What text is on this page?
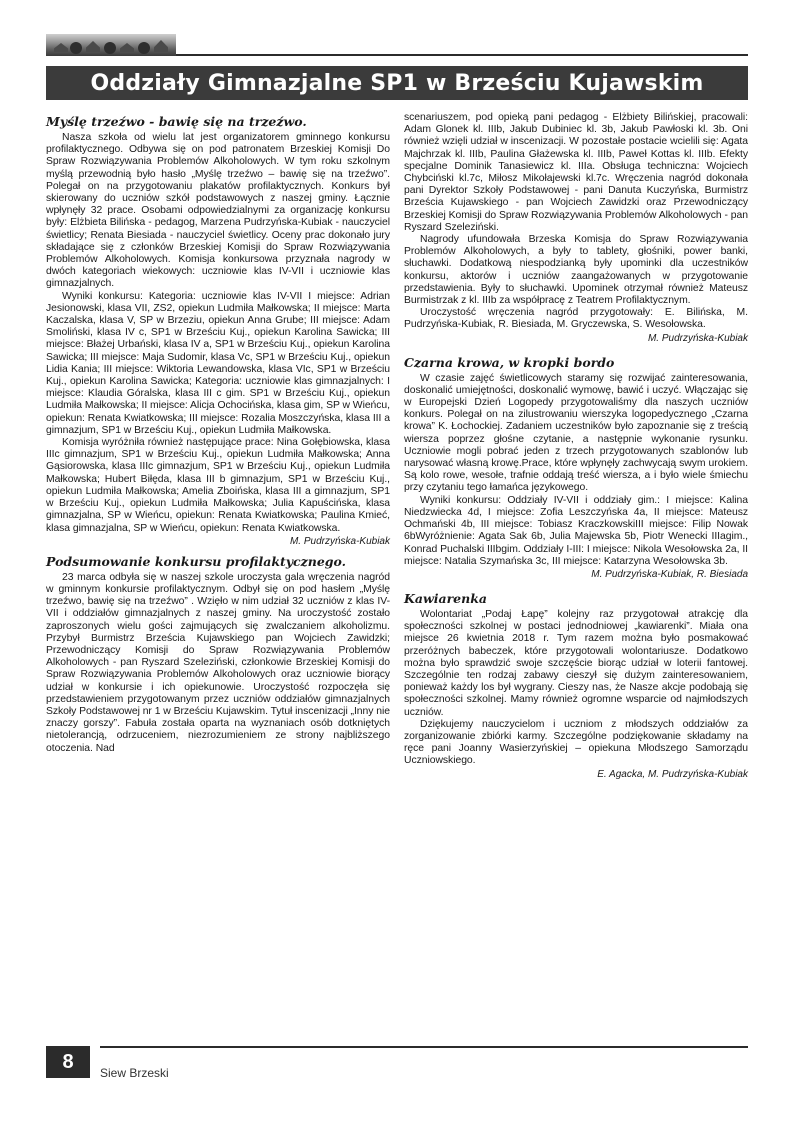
Oddziały Gimnazjalne SP1 w Brześciu Kujawskim
Myślę trzeźwo - bawię się na trzeźwo.

Nasza szkoła od wielu lat jest organizatorem gminnego konkursu profilaktycznego. Odbywa się on pod patronatem Brzeskiej Komisji Do Spraw Rozwiązywania Problemów Alkoholowych. W tym roku szkolnym myślą przewodnią było hasło „Myślę trzeźwo – bawię się na trzeźwo”. Polegał on na przygotowaniu plakatów profilaktycznych. Konkurs był skierowany do uczniów szkół podstawowych z naszej gminy. Łącznie wpłynęły 32 prace. Osobami odpowiedzialnymi za organizację konkursu były: Elżbieta Bilińska - pedagog, Marzena Pudrzyńska-Kubiak - nauczyciel świetlicy; Renata Biesiada - nauczyciel świetlicy. Oceny prac dokonało jury składające się z członków Brzeskiej Komisji do Spraw Rozwiązywania Problemów Alkoholowych. Komisja konkursowa przyznała nagrody w dwóch kategoriach wiekowych: uczniowie klas IV-VII i uczniowie klas gimnazjalnych.

Wyniki konkursu: Kategoria: uczniowie klas IV-VII I miejsce: Adrian Jesionowski, klasa VII, ZS2, opiekun Ludmiła Małkowska; II miejsce: Marta Kaczalska, klasa V, SP w Brzeziu, opiekun Anna Grube; III miejsce: Adam Smoliński, klasa IV c, SP1 w Brześciu Kuj., opiekun Karolina Sawicka; III miejsce: Błażej Urbański, klasa IV a, SP1 w Brześciu Kuj., opiekun Karolina Sawicka; III miejsce: Maja Sudomir, klasa Vc, SP1 w Brześciu Kuj., opiekun Lidia Kania; III miejsce: Wiktoria Lewandowska, klasa VIc, SP1 w Brześciu Kuj., opiekun Karolina Sawicka; Kategoria: uczniowie klas gimnazjalnych: I miejsce: Klaudia Góralska, klasa III c gim. SP1 w Brześciu Kuj., opiekun Ludmiła Małkowska; II miejsce: Alicja Ochocińska, klasa gim, SP w Wieńcu, opiekun: Renata Kwiatkowska; III miejsce: Rozalia Moszczyńska, klasa III a gimnazjum, SP1 w Brześciu Kuj., opiekun Ludmiła Małkowska.

Komisja wyróżniła również następujące prace: Nina Gołębiowska, klasa IIIc gimnazjum, SP1 w Brześciu Kuj., opiekun Ludmiła Małkowska; Anna Gąsiorowska, klasa IIIc gimnazjum, SP1 w Brześciu Kuj., opiekun Ludmiła Małkowska; Hubert Biłęda, klasa III b gimnazjum, SP1 w Brześciu Kuj., opiekun Ludmiła Małkowska; Amelia Zboińska, klasa III a gimnazjum, SP1 w Brześciu Kuj., opiekun Ludmiła Małkowska; Julia Kapuścińska, klasa gimnazjalna, SP w Wieńcu, opiekun: Renata Kwiatkowska; Paulina Kmieć, klasa gimnazjalna, SP w Wieńcu, opiekun: Renata Kwiatkowska.

M. Pudrzyńska-Kubiak
Podsumowanie konkursu profilaktycznego.

23 marca odbyła się w naszej szkole uroczysta gala wręczenia nagród w gminnym konkursie profilaktycznym. Odbył się on pod hasłem „Myślę trzeźwo, bawię się na trzeźwo” . Wzięło w nim udział 32 uczniów z klas IV-VII i oddziałów gimnazjalnych z naszej gminy. Na uroczystość zostało zaproszonych wielu gości zajmujących się zwalczaniem alkoholizmu. Przybył Burmistrz Brześcia Kujawskiego pan Wojciech Zawidzki; Przewodniczący Komisji do Spraw Rozwiązywania Problemów Alkoholowych - pan Ryszard Szeleziński, członkowie Brzeskiej Komisji do Spraw Rozwiązywania Problemów Alkoholowych oraz uczniowie biorący udział w konkursie i ich opiekunowie. Uroczystość rozpoczęła się przedstawieniem przygotowanym przez uczniów oddziałów gimnazjalnych Szkoły Podstawowej nr 1 w Brześciu Kujawskim. Tytuł inscenizacji „Inny nie znaczy gorszy”. Fabuła została oparta na wyznaniach osób dotkniętych nietolerancją, odrzuceniem, niezrozumieniem ze strony najbliższego otoczenia. Nad

scenariuszem, pod opieką pani pedagog - Elżbiety Bilińskiej, pracowali: Adam Glonek kl. IIIb, Jakub Dubiniec kl. 3b, Jakub Pawłoski kl. 3b. Oni również wzięli udział w inscenizacji. W pozostałe postacie wcielili się: Agata Majchrzak kl. IIIb, Paulina Głażewska kl. IIIb, Paweł Kottas kl. IIIb. Efekty specjalne Dominik Tanasiewicz kl. IIIa. Obsługa techniczna: Wojciech Chybciński kl.7c, Miłosz Mikołajewski kl.7c. Wręczenia nagród dokonała pani Dyrektor Szkoły Podstawowej - pani Danuta Kuczyńska, Burmistrz Brześcia Kujawskiego - pan Wojciech Zawidzki oraz Przewodniczący Brzeskiej Komisji do Spraw Rozwiązywania Problemów Alkoholowych - pan Ryszard Szeleziński.

Nagrody ufundowała Brzeska Komisja do Spraw Rozwiązywania Problemów Alkoholowych, a były to tablety, głośniki, power banki, słuchawki. Dodatkową niespodzianką były upominki dla uczestników konkursu, aktorów i uczniów zaangażowanych w przygotowanie przedstawienia. Były to słuchawki. Upominek otrzymał również Mateusz Burmistrzak z kl. IIIb za współpracę z Teatrem Profilaktycznym.

Uroczystość wręczenia nagród przygotowały: E. Bilińska, M. Pudrzyńska-Kubiak, R. Biesiada, M. Gryczewska, S. Wesołowska.

M. Pudrzyńska-Kubiak
Czarna krowa, w kropki bordo

W czasie zajęć świetlicowych staramy się rozwijać zainteresowania, doskonalić umiejętności, doskonalić wymowę, bawić i uczyć. Włączając się w Europejski Dzień Logopedy przygotowaliśmy dla naszych uczniów konkurs. Polegał on na zilustrowaniu wierszyka logopedycznego „Czarna krowa” K. Łochockiej. Zadaniem uczestników było zapoznanie się z treścią wiersza poprzez głośne czytanie, a następnie wykonanie rysunku. Uczniowie mogli pobrać jeden z trzech przygotowanych szablonów lub narysować własną krowę.Prace, które wpłynęły zachwycają swym urokiem. Są kolo rowe, wesołe, trafnie oddają treść wiersza, a i było wiele śmiechu przy czytaniu tego łamańca językowego.

Wyniki konkursu: Oddziały IV-VII i oddziały gim.: I miejsce: Kalina Niedzwiecka 4d, I miejsce: Zofia Leszczyńska 4a, II miejsce: Mateusz Ochmański 4b, III miejsce: Tobiasz KraczkowskiIII miejsce: Filip Nowak 6bWyróżnienie: Agata Sak 6b, Julia Majewska 5b, Piotr Wenecki IIIagim., Konrad Puchalski IIIbgim. Oddziały I-III: I miejsce: Nikola Wesołowska 2a, II miejsce: Natalia Szymańska 3c, III miejsce: Katarzyna Wesołowska 3b.

M. Pudrzyńska-Kubiak, R. Biesiada
Kawiarenka

Wolontariat „Podaj Łapę” kolejny raz przygotował atrakcję dla społeczności szkolnej w postaci jednodniowej „kawiarenki”. Miała ona miejsce 26 kwietnia 2018 r. Tym razem można było posmakować przeróżnych babeczek, które przygotowali wolontariusze. Dodatkowo można było sprawdzić swoje szczęście biorąc udział w loterii fantowej. Szczególnie ten rodzaj zabawy cieszył się dużym zainteresowaniem, ponieważ każdy los był wygrany. Cieszy nas, że Nasze akcje podobają się społeczności szkolnej. Mamy również ogromne wsparcie od najmłodszych uczniów.

Dziękujemy nauczycielom i uczniom z młodszych oddziałów za zorganizowanie zbiórki karmy. Szczególne podziękowanie składamy na ręce pani Joanny Wasierzyńskiej – opiekuna Młodszego Samorządu Uczniowskiego.

E. Agacka, M. Pudrzyńska-Kubiak
8
Siew Brzeski
